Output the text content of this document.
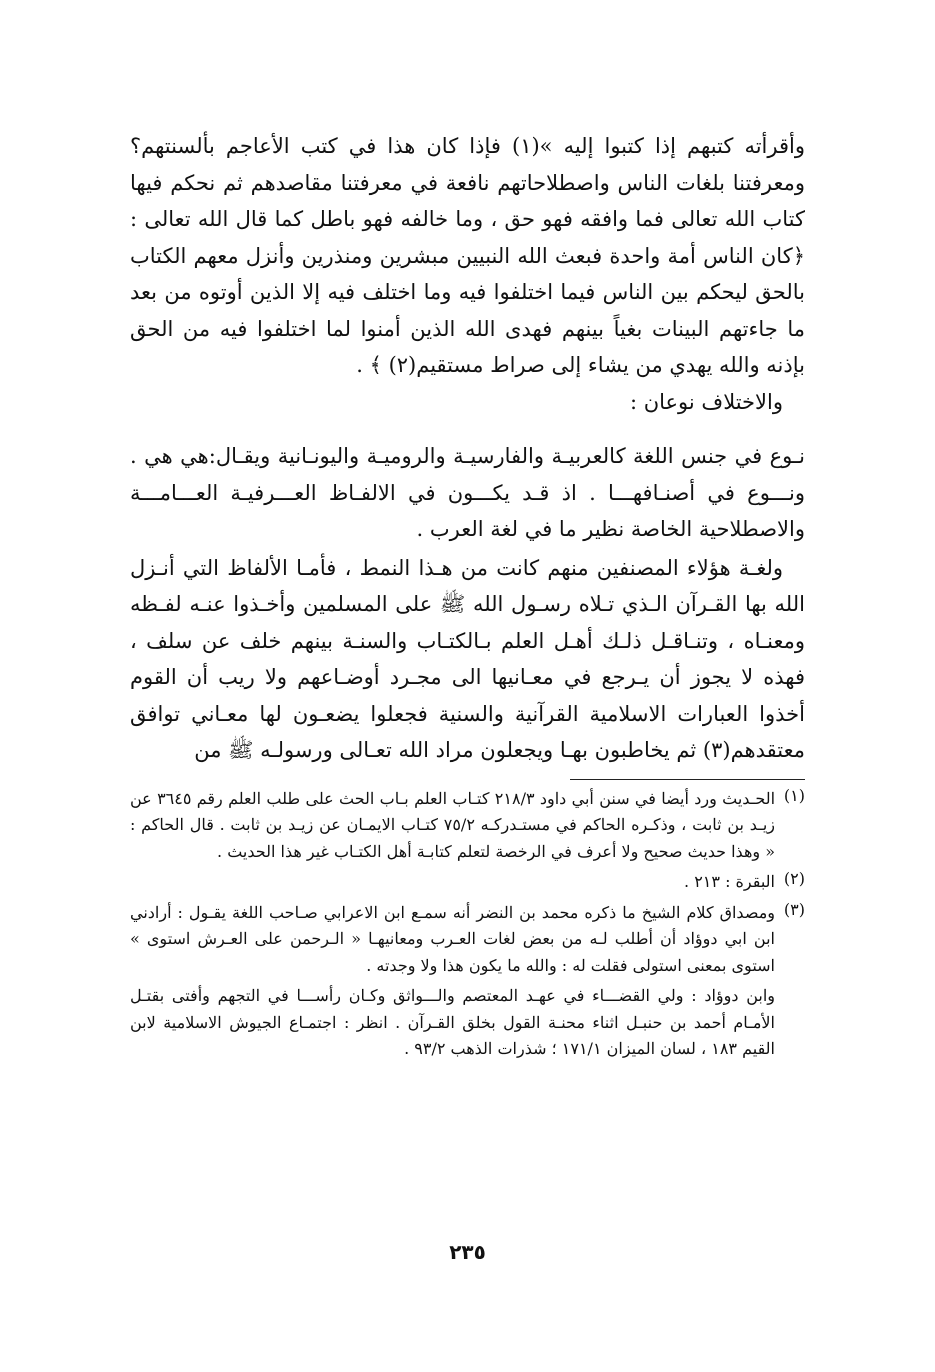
وأقرأته كتبهم إذا كتبوا إليه »(١) فإذا كان هذا في كتب الأعاجم بألسنتهم؟ ومعرفتنا بلغات الناس واصطلاحاتهم نافعة في معرفتنا مقاصدهم ثم نحكم فيها كتاب الله تعالى فما وافقه فهو حق ، وما خالفه فهو باطل كما قال الله تعالى : ﴿كان الناس أمة واحدة فبعث الله النبيين مبشرين ومنذرين وأنزل معهم الكتاب بالحق ليحكم بين الناس فيما اختلفوا فيه وما اختلف فيه إلا الذين أوتوه من بعد ما جاءتهم البينات بغياً بينهم فهدى الله الذين أمنوا لما اختلفوا فيه من الحق بإذنه والله يهدي من يشاء إلى صراط مستقيم(٢) ﴾ .

والاختلاف نوعان :

نـوع في جنس اللغة كالعربيـة والفارسيـة والروميـة واليونـانية ويقـال:هي هي . ونـــوع في أصنـافهـــا . اذ قـد يكـــون في الالفـاظ العـــرفيـة العـــامـــة والاصطلاحية الخاصة نظير ما في لغة العرب .

ولغـة هؤلاء المصنفين منهم كانت من هـذا النمط ، فأمـا الألفاظ التي أنـزل الله بها القـرآن الـذي تـلاه رسـول الله ﷺ على المسلمين وأخـذوا عنـه لفـظه ومعنـاه ، وتنـاقـل ذلـك أهـل العلم بـالكتـاب والسنـة بينهم خلف عن سلف ، فهذه لا يجوز أن يـرجع في معـانيها الى مجـرد أوضـاعهم ولا ريب أن القوم أخذوا العبارات الاسلامية القرآنية والسنية فجعلوا يضعـون لها معـاني توافق معتقدهم(٣) ثم يخاطبون بهـا ويجعلون مراد الله تعـالى ورسولـه ﷺ من

(١)

الحـديث ورد أيضا في سنن أبي داود ٢١٨/٣ كتـاب العلم بـاب الحث على طلب العلم رقم ٣٦٤٥ عن زيـد بن ثابت ، وذكـره الحاكم في مستـدركـه ٧٥/٢ كتـاب الايمـان عن زيـد بن ثابت . قال الحاكم : « وهذا حديث صحيح ولا أعرف في الرخصة لتعلم كتابـة أهل الكتـاب غير هذا الحديث .

(٢)

البقرة : ٢١٣ .

(٣)

ومصداق كلام الشيخ ما ذكره محمد بن النضر أنه سمـع ابن الاعرابي صـاحب اللغة يقـول : أرادني ابن ابي دوؤاد أن أطلب لـه من بعض لغات العـرب ومعانيهـا « الـرحمن على العـرش استوى » استوى بمعنى استولى فقلت له : والله ما يكون هذا ولا وجدته .

وابن دوؤاد : ولي القضـــاء في عهـد المعتصم والـــواثق وكـان رأســـا في التجهم وأفتى بقتـل الأمـام أحمد بن حنبـل اثناء محنـة القول بخلق القـرآن . انظر : اجتمـاع الجيوش الاسلامية لابن القيم ١٨٣ ، لسان الميزان ١٧١/١ ؛ شذرات الذهب ٩٣/٢ .

٢٣٥
